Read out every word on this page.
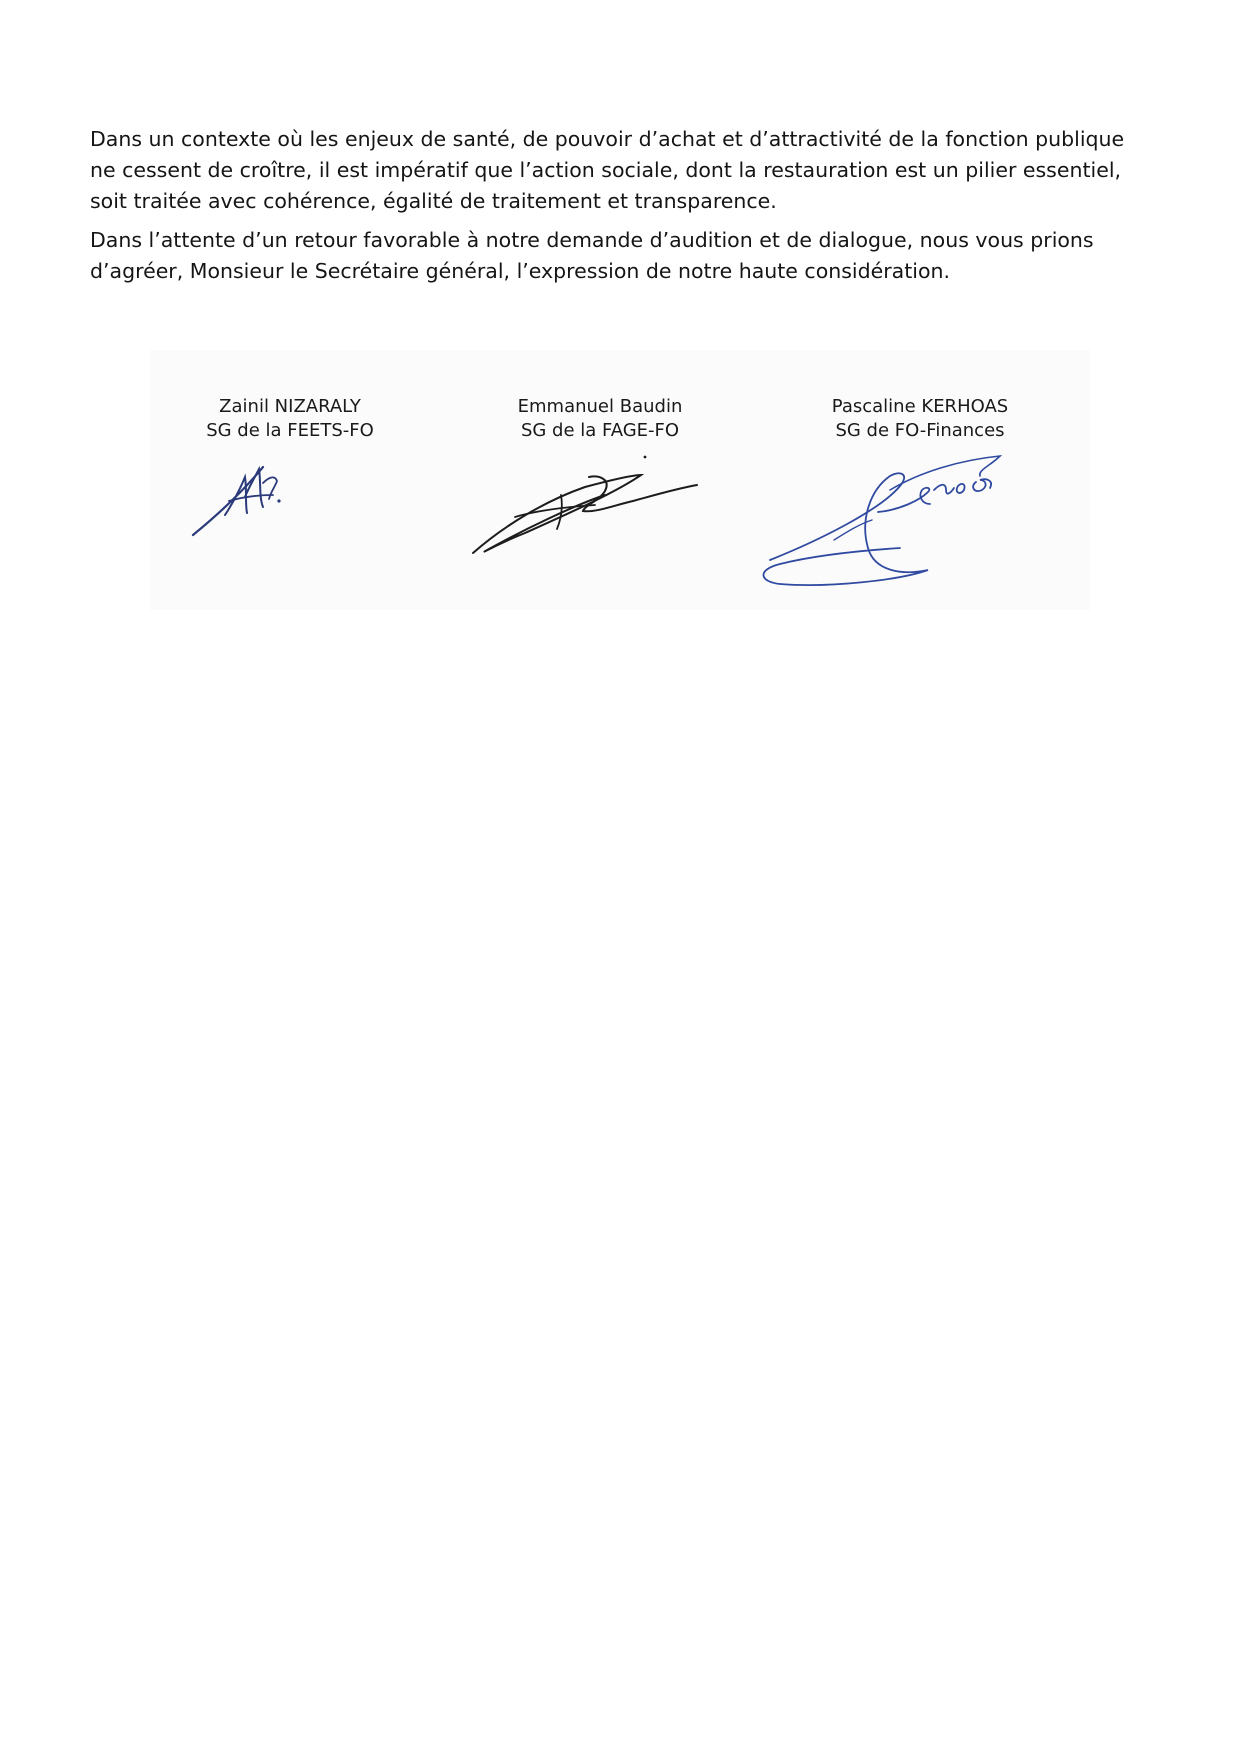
Dans un contexte où les enjeux de santé, de pouvoir d’achat et d’attractivité de la fonction publique ne cessent de croître, il est impératif que l’action sociale, dont la restauration est un pilier essentiel, soit traitée avec cohérence, égalité de traitement et transparence.

Dans l’attente d’un retour favorable à notre demande d’audition et de dialogue, nous vous prions d’agréer, Monsieur le Secrétaire général, l’expression de notre haute considération.

Zainil NIZARALY
SG de la FEETS-FO
Emmanuel Baudin
SG de la FAGE-FO
Pascaline KERHOAS
SG de FO-Finances
